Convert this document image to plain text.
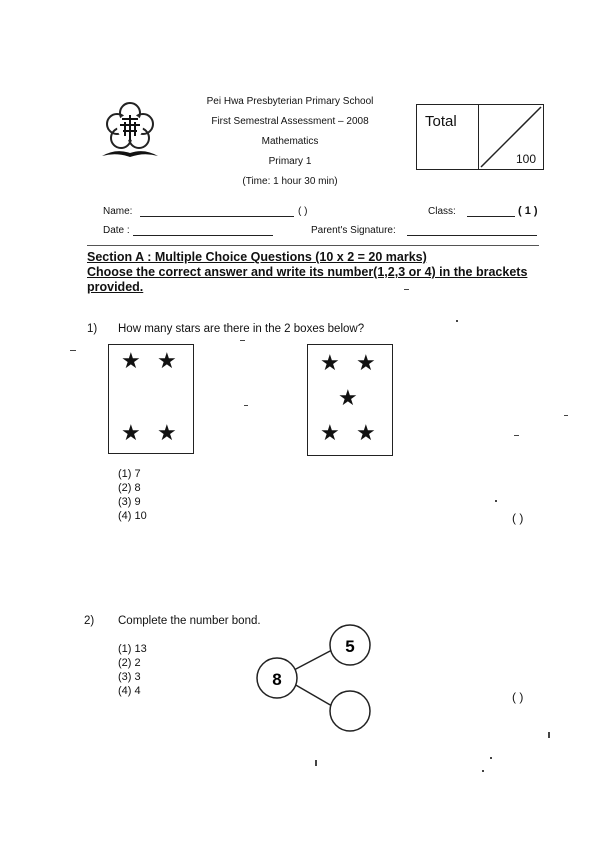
Pei Hwa Presbyterian Primary School
First Semestral Assessment – 2008
Mathematics
Primary 1
(Time: 1 hour 30 min)
Total
100
Name:	( )	Class:	( 1 )
Date :	Parent's Signature:
Section A : Multiple Choice Questions (10 x 2 = 20 marks)
Choose the correct answer and write its number(1,2,3 or 4) in the brackets
provided.
1) How many stars are there in the 2 boxes below?
★ ★
★ ★
★ ★
★
★ ★
(1) 7
(2) 8
(3) 9
(4) 10	( )
2) Complete the number bond.
(1) 13
(2) 2
(3) 3
(4) 4
5
8
( )
